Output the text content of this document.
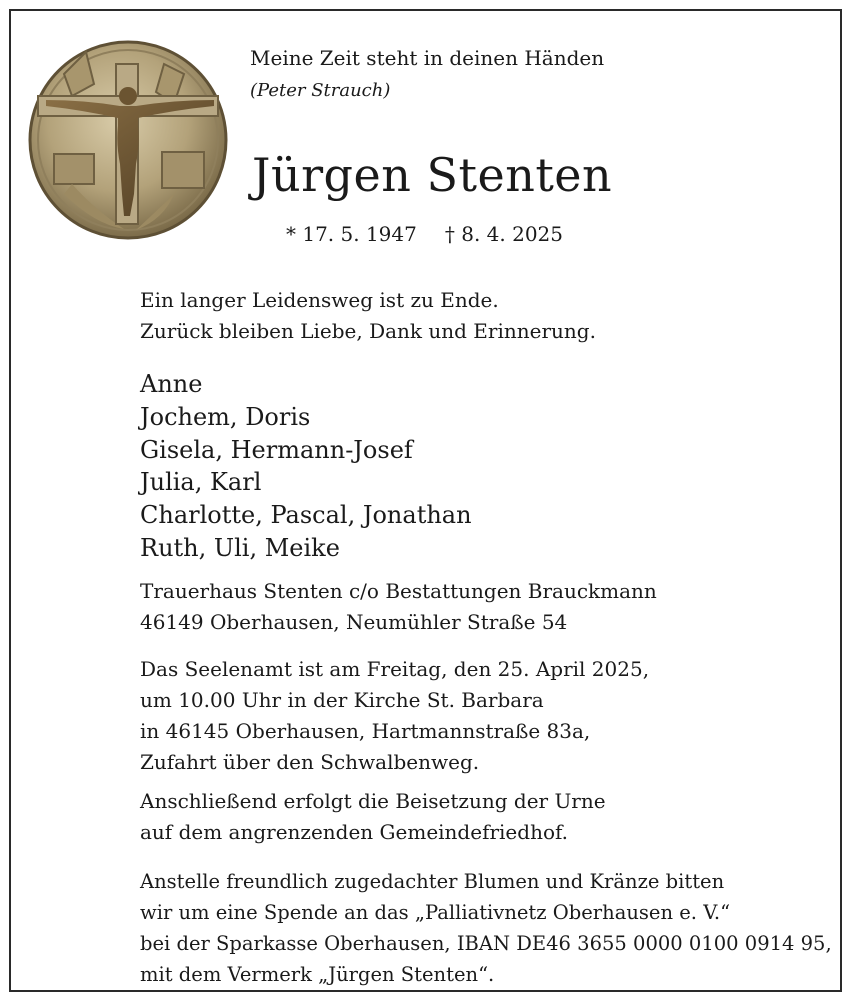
Meine Zeit steht in deinen Händen
(Peter Strauch)
Jürgen Stenten
* 17. 5. 1947 † 8. 4. 2025
Ein langer Leidensweg ist zu Ende.
Zurück bleiben Liebe, Dank und Erinnerung.
Anne
Jochem, Doris
Gisela, Hermann-Josef
Julia, Karl
Charlotte, Pascal, Jonathan
Ruth, Uli, Meike
Trauerhaus Stenten c/o Bestattungen Brauckmann
46149 Oberhausen, Neumühler Straße 54
Das Seelenamt ist am Freitag, den 25. April 2025,
um 10.00 Uhr in der Kirche St. Barbara
in 46145 Oberhausen, Hartmannstraße 83a,
Zufahrt über den Schwalbenweg.
Anschließend erfolgt die Beisetzung der Urne
auf dem angrenzenden Gemeindefriedhof.
Anstelle freundlich zugedachter Blumen und Kränze bitten
wir um eine Spende an das „Palliativnetz Oberhausen e. V.“
bei der Sparkasse Oberhausen, IBAN DE46 3655 0000 0100 0914 95,
mit dem Vermerk „Jürgen Stenten“.
